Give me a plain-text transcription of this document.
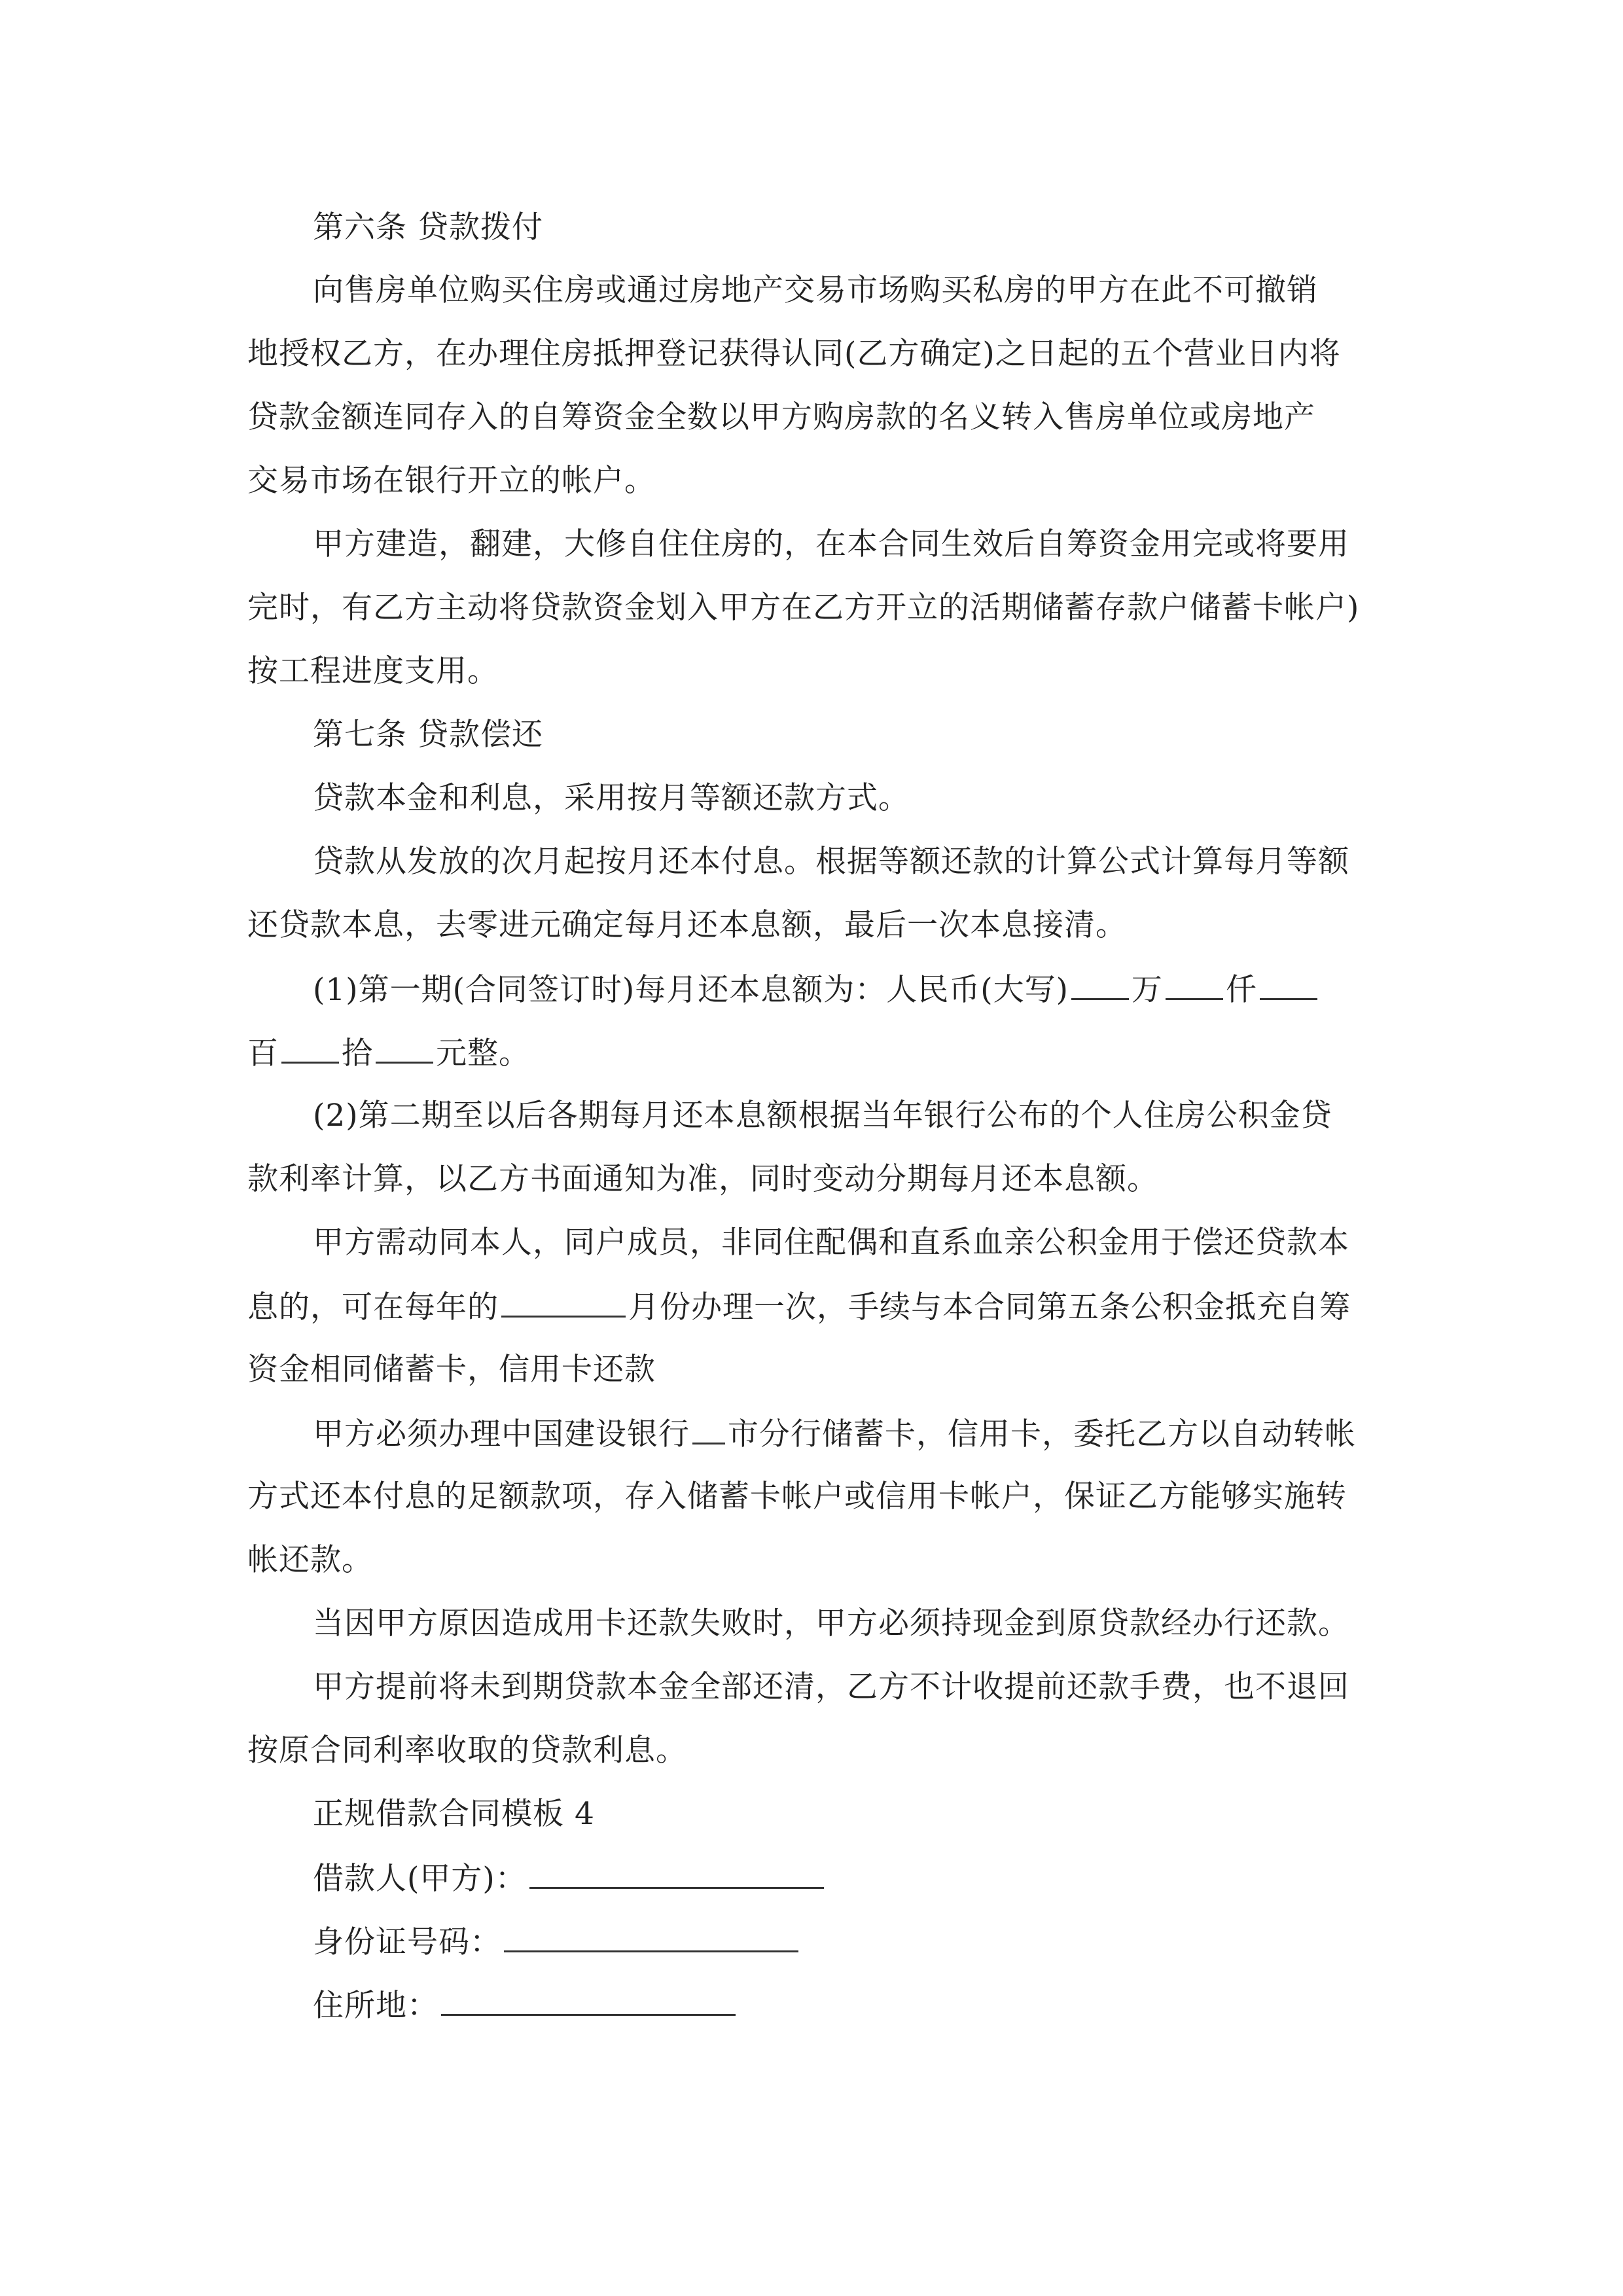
第六条 贷款拨付
向售房单位购买住房或通过房地产交易市场购买私房的甲方在此不可撤销
地授权乙方，在办理住房抵押登记获得认同(乙方确定)之日起的五个营业日内将
贷款金额连同存入的自筹资金全数以甲方购房款的名义转入售房单位或房地产
交易市场在银行开立的帐户。
甲方建造，翻建，大修自住住房的，在本合同生效后自筹资金用完或将要用
完时，有乙方主动将贷款资金划入甲方在乙方开立的活期储蓄存款户储蓄卡帐户)
按工程进度支用。
第七条 贷款偿还
贷款本金和利息，采用按月等额还款方式。
贷款从发放的次月起按月还本付息。根据等额还款的计算公式计算每月等额
还贷款本息，去零进元确定每月还本息额，最后一次本息接清。
(1)第一期(合同签订时)每月还本息额为：人民币(大写) 万 仟
百 拾 元整。
(2)第二期至以后各期每月还本息额根据当年银行公布的个人住房公积金贷
款利率计算，以乙方书面通知为准，同时变动分期每月还本息额。
甲方需动同本人，同户成员，非同住配偶和直系血亲公积金用于偿还贷款本
息的，可在每年的	月份办理一次，手续与本合同第五条公积金抵充自筹
资金相同储蓄卡，信用卡还款
甲方必须办理中国建设银行 市分行储蓄卡，信用卡，委托乙方以自动转帐
方式还本付息的足额款项，存入储蓄卡帐户或信用卡帐户，保证乙方能够实施转
帐还款。
当因甲方原因造成用卡还款失败时，甲方必须持现金到原贷款经办行还款。
甲方提前将未到期贷款本金全部还清，乙方不计收提前还款手费，也不退回
按原合同利率收取的贷款利息。
正规借款合同模板 4
借款人(甲方)：
身份证号码：
住所地：
